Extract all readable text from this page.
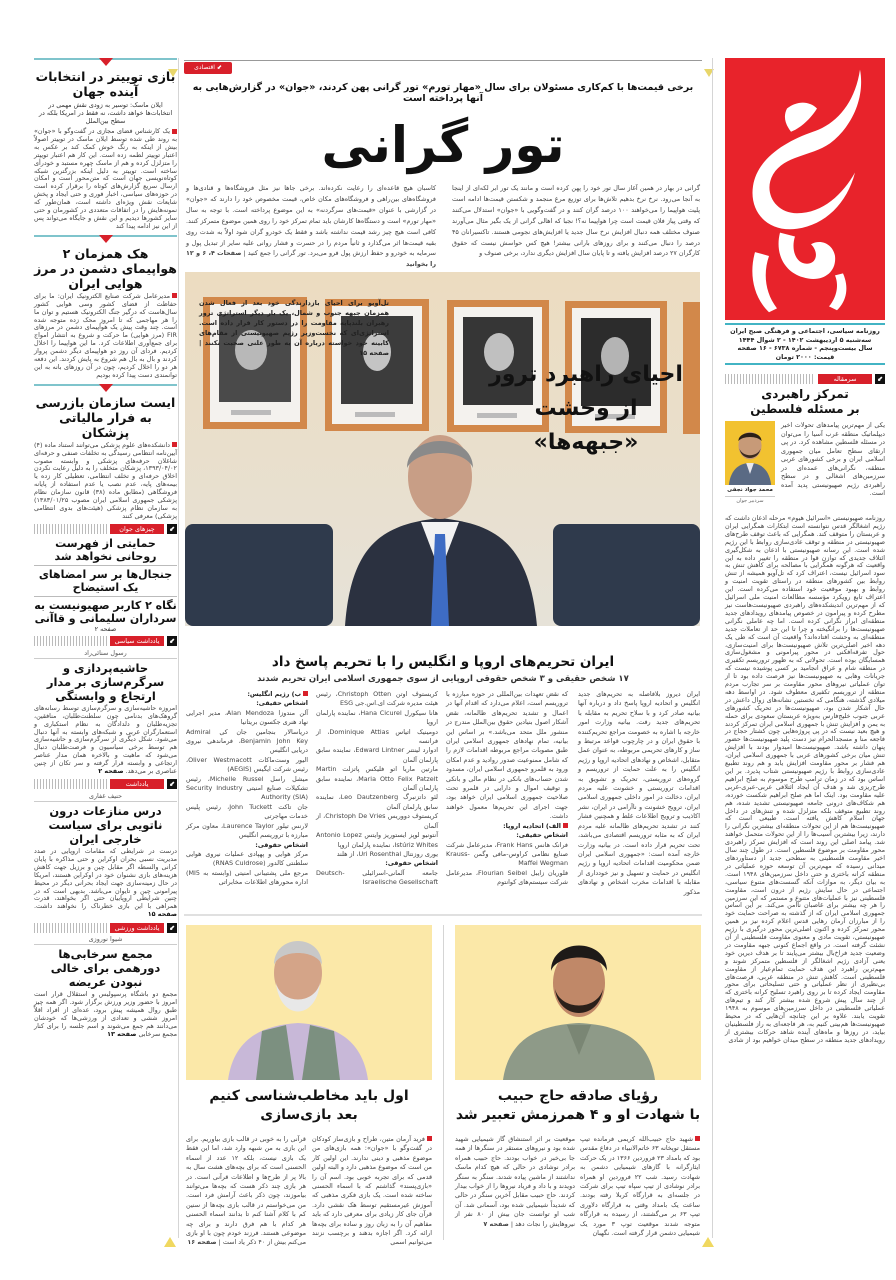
بازی توییتر در انتخابات آینده جهان

ایلان ماسک: توسیر به زودی نقش مهمی در انتخابات‌ها خواهد داشت، نه فقط در امریکا بلکه در سطح بین‌الملل

یک کارشناس فضای مجازی در گفت‌وگو با «جوان» به روند طی شده توسط ایلان ماسک در توییتر اصولاً بیش از اینکه به رنگ خوش کمک کند بر عکس به اعتبار توییتر لطمه زده است. این کار هم اعتبار توییتر را متزلزل کرده و هم از ماسک چهره مستبد و خودرأی ساخته است. توییتر به دلیل اینکه بزرگترین شبکه کوتاه‌نویسی جهان است که متن‌محور است و امکان ارسال سریع گزارش‌های کوتاه را برقرار کرده است در حوزه‌های سیاسی، اخبار فوری و حتی ایجاد و پخش شایعات نقش ویژه‌ای داشته است، همان‌طور که نمونه‌هایش را در اتفاقات متعددی در کشورمان و حتی سایر کشورها دیدیم و این نقش و جایگاه می‌تواند پس از این نیز ادامه پیدا کند

هک همزمان ۲ هواپیمای دشمن در مرز هوایی ایران

مدیرعامل شرکت صنایع الکترونیک ایران: ما برای حفاظت از فضای کشور وسی هوایی کشور سال‌هاست که درگیر جنگ الکترونیک هستیم و توان ما را هر مهاجمی که تا امروز محک زده متوجه شده است. چند وقت پیش یک هواپیمای دشمن در مرزهای FIR (مرز هوایی) ما حرکت و شروع به انتشار امواج برای جمع‌آوری اطلاعات کرد. ما این هواپیما را اخلال کردیم. فردای آن روز دو هواپیمای دیگر دشمن پرواز کردند و بال به بال هم شروع به پایش کردند. این دفعه هر دو را اخلال کردیم، چون در آن روزهای بانه به این توانمندی دست پیدا کرده بودیم

ایست سازمان بازرسی به فرار مالیاتی پزشکان

دانشکده‌های علوم پزشکی می‌توانند استناد ماده (۴) آیین‌نامه انتظامی رسیدگی به تخلفات صنفی و حرفه‌ای شاغلان حرفه‌های پزشکی و وابسته مصوب ۱۳۹۳/۰۴/۰۲، پزشکان متخلف را به دلیل رعایت نکردن اخلاق حرفه‌ای و تخلف انتظامی، تعطیلی کار زده یا بیمه‌های پایه، عدم نصب یا عدم استفاده از پایانه فروشگاهی (مطابق ماده (۳۸) قانون سازمان نظام پزشکی جمهوری اسلامی ایران مصوب ۱۳۸۳/۰۱/۲۵) به سازمان نظام پزشکی (هیئت‌های بدوی انتظامی پزشکی) معرفی کنند

⬋
چیزهای جوان
حمایتی از فهرست روحانی نخواهد شد
جنجال‌ها بر سر امضاهای یک استیضاح
نگاه ۲ کاربر صهیونیست به سرداران سلیمانی و قاآنی

صفحه ۲

⬋
یادداشت سیاسی

رسول سنائی‌راد

حاشیه‌پردازی و سرگرم‌سازی بر مدار ارتجاع و وابستگی

امروزه حاشیه‌سازی و سرگرم‌سازی توسط رسانه‌های گروهک‌های بدنامی چون سلطنت‌طلبان، منافقین، تجزیه‌طلبان و دلدادگان به نظام استکباری و استعمارگران غربی و شبکه‌های وابسته به آنها دنبال می‌شود. شکل دیگری از سرگرم‌سازی و حاشیه‌سازی هم توسط برخی سیاسیون و فرصت‌طلبان دنبال می‌شود که ماهیت و بالاخره همان مدار عناصر ارتجاعی و وابسته قرار گرفته و سر تکان از چنین عناصری بر می‌دهد. صفحه ۲

⬋
یادداشت بین‌الملل

حنیف غفاری

درس منازعات درون ناتویی برای سیاست خارجی ایران

درست در شرایطی که مقامات اروپایی در صدد مدیریت نسبی بحران اوکراین و حتی مذاکره با پایان کرانی والسطه اگر مقابل چین و برزیل جهت کاهش هزینه‌های بازی نشنوان خود در اوکراین هستند، امریکا در حال زمینه‌سازی جهت ایجاد بحرانی دیگر در محیط پیرامونی چین و تایوان می‌باشد. بدیهی است که در چنین شرایطی اروپاییان حتی اگر بخواهند، قدرت همراهی با این بازی خطرناک را نخواهند داشت. صفحه ۱۵

⬋
یادداشت ورزشی

شیوا نوروزی

مجمع سرخابی‌ها دورهمی برای خالی نبودن عریضه

مجمع دو باشگاه پرسپولیس و استقلال قرار است امروز با حضور وزیر ورزش برگزار شود. اگر همه چیز طبق روال همیشه پیش برود، عده‌ای از افراد اقلاً امروز ششی و تعدادی از ورزشی‌ها که خودشان می‌دانند هم جمع می‌شوند و اسم جلسه را برای کنار مجمع سرخابی صفحه ۱۳

روزنامه سیاسی، اجتماعی و فرهنگی صبح ایران
سه‌شنبه ۵ اردیبهشت ۱۴۰۲ - ۲ شوال ۱۴۴۴
سال بیست‌وپنجم - شماره ۶۷۳۸ - ۱۶ صفحه
قیمت: ۲۰۰۰ تومان
⬋
سرمقاله
تمرکز راهبردی
بر مسئله فلسطین
محمد جواد نجفی
سردبیر جوان

یکی از مهم‌ترین پیامدهای تحولات اخیر دیپلماتیک منطقه غرب آسیا را می‌توان در مسئله فلسطین مشاهده کرد. در پی ارتقای سطح تعامل میان جمهوری اسلامی ایران و برخی کشورهای عربی منطقه، نگرانی‌های عمده‌ای در سرزمین‌های اشغالی و در سطح راهبردی رژیم صهیونیستی پدید آمده است.

روزنامه صهیونیستی «اسرائیل هیوم» مرحله اذعان داشت که رژیم اشغالگر قدس نتوانسته است ابتکارات همگرایی ایران و عربستان را متوقف کند. همگرایی که باعث توقف طرح‌های صهیونیستی در منطقه و توقف عادی‌سازی روابط با این رژیم شده است. این رسانه صهیونیستی با اذعان به شکل‌گیری ائتلاف جدیدی که توازن قوا در منطقه را تغییر داده به این واقعیت که هرگونه همگرایی با مصالحه برای کاهش تنش به سود اسرائیل نیست، اعتراف کرد که تل‌آویو همیشه از تنش روابط بین کشورهای منطقه در راستای تقویت امنیت و روابط و بهبود موقعیت خود استفاده می‌کرده است. این اعتراف تابع رویکرد مؤسسه مطالعات امنیت ملی اسرائیل که از مهم‌ترین اندیشکده‌های راهبردی صهیونیست‌هاست نیز مطرح کرده و پیرامون در خصوص پیامدهای رویدادهای جدید منطقه‌ای ابراز نگرانی کرده است. اما چه عاملی نگرانی صهیونیست‌ها را برانگیخته و چرا تا این حد از تعاملات جدید منطقه‌ای به وحشت افتاده‌اند؟ واقعیت آن است که طی یک دهه اخیر اصلی‌ترین تلاش صهیونیست‌ها برای امنیت‌سازی، حول تفرقه‌افکنی در محور پیرامونی و مشغول‌سازی همسایگان بوده است. تحولاتی که به ظهور تروریسم تکفیری در منطقه شام و عراق انجامید بر کسی پوشیده نیست که جریانات وهابی به صهیونیست‌ها نیز فرصت داده بود تا از توان عملیاتی نیروهای محور مقاومت بر سر تجارب مردم منطقه از تروریسم تکفیری معطوف شود. در اواسط دهه میلادی گذشته، هنگامی که نخستین نشانه‌های زوال داعش در حال آشکار شدن بود، صهیونیست‌ها در تحریک کشورهای عربی جنوب خلیج‌فارس به‌ویژه عربستان سعودی برای حمله به یمن و افزایش تنش با جمهوری اسلامی ایران تمرکز کردند و هیچ بعید نیست که در پی پروژه‌هایی چون کشتار حجاج در فاجعه منا و مسجدالحرام نیز دست پلید صهیونیست‌ها حضور پنهان داشته باشد. صهیونیست‌ها امیدوار بودند با افزایش تنش میان برخی کشورهای عربی با جمهوری اسلامی ایران، هم فشار بر محور مقاومت افزایش یابد و هم روند تطبیع عادی‌سازی روابط با رژیم صهیونیستی شتاب پذیرد. بر این اساس بود که در زمان ترامپ طرح موسوم به صلح ابراهیم طرح‌ریزی شد و هدف آن ایجاد ائتلافی عربی-عبری-غربی علیه مقاومت بود. اینک اما هم صلح ابراهیم شکست خورده، هم شکاف‌های درونی جامعه صهیونیستی تشدید شده، هم روند تطبیع متوقف بلکه متزلزل شده و تنش‌های در داخل جهان اسلام کاهش یافته است. طبیعی است که صهیونیست‌ها هم از این تحولات منطقه‌ای بیشترین نگرانی را دارند، زیرا بیشترین آسیب‌ها را از این تحولات متحمل خواهند شد. پیامد اصلی این روند است که افزایش تمرکز راهبردی محور مقاومت بر موضوع فلسطین است. در طول چند سال اخیر مقاومت فلسطینی به سطحی جدید از دستاوردهای میدانی رسیده که مهم‌ترین آن توسعه حوزه عملیاتی در منطقه کرانه باختری و حتی داخل سرزمین‌های ۱۹۴۸ است. به بیان دیگر، به موازات آنکه گسست‌های متنوع سیاسی، اجتماعی در حال سایش رژیم از درون است، مقاومت فلسطینی نیز با عملیات‌های متنوع و مستمر که این سرزمین را هر چه بیشتر برای غاصبان ناامن می‌کند. بر این اساس جمهوری اسلامی ایران که از گذشته به صراحت حمایت خود را از مبارزان آرمان رهایی قدس اعلام کرده نیز بر همین محور تمرکز کرده و اکنون اصلی‌ترین محور درگیری با رژیم صهیونیستی، تقویت مادی و معنوی مقاومت فلسطینی از آن نشئت گرفته است. در واقع اجماع کنونی جبهه مقاومت در وضعیت جدید فراخ‌بال بیشتر می‌پایند تا بر هدف دیرین خود یعنی آزادی رژیم اشغالگر از فلسطین متمرکز شوند و مهم‌ترین راهبرد این هدف حمایت تمام‌عیار از مقاومت فلسطینی است. کاهش تنش در منطقه عربی، فرصت‌های بی‌نظیری از نظر عملیاتی و حتی تسلیحاتی برای محور مقاومت ایجاد کرده تا بر روی راهبرد تسلیح کرانه باختری که از چند سال پیش شروع شده بیشتر کار کند و تیم‌های عملیاتی فلسطینی در داخل سرزمین‌های موسوم به ۱۹۴۸ تقویت یابند. علاوه بر این چنانچه آن‌هایی که در محیط صهیونیست‌ها هم‌بینی کنیم به، هر فاجعه‌ای به راز فلسطینیان بیاید، در روزها و ماه‌های آینده شاهد حرکات بیشتری از رویدادهای جدید منطقه در سطح میدان خواهیم بود از شادی

⬋ اقتصادی
برخی قیمت‌ها با کم‌کاری مسئولان برای سال «مهار تورم» تور گرانی پهن کردند، «جوان» در گزارش‌هایی به آنها پرداخته است
تور گرانی

گرانی در بهار در همین آغاز سال تور خود را پهن کرده است و مانند یک تور ابر لکه‌ای از اینجا به آنجا می‌رود. نرخ نرخ بدهیم تلاش‌ها برای توزیع مرغ منجمد و شکستن قیمت‌ها ادامه است پلیت هواپیما را می‌خواهند ۱۰۰ درصد گران کنند و در گفت‌وگویی با «جوان» استدلال می‌کنند که وقتی پیاز فلان قیمت است چرا هواپیما نه؟! نجبا که اهالی گرانی از یک بگیر مثال می‌آورند صنوف مختلف همه دنبال افزایش نرخ سال جدید یا افزایش‌های نجومی هستند. تاکسیرانان ۴۵ درصد را دنبال می‌کنند و برای روزهای بارانی بیشتر! هیچ کس حواسش نیست که حقوق کارگران ۲۷ درصد افزایش یافته و تا پایان سال افزایش دیگری ندارد، برخی صنوف و

کاسبان هیچ قاعده‌ای را رعایت نکرده‌اند. برخی جاها نیز مثل فروشگاه‌ها و قنادی‌ها و فروشگاه‌های بین‌راهی و فروشگاه‌های مکان خاص، قیمت مخصوص خود را دارند که «جوان» در گزارشی با عنوان «قیمت‌های سرگردنه» به این موضوع پرداخته است. با توجه به سال «مهار تورم» است و دستگاه‌ها کارشان باید تمام تمرکز خود را روی همین موضوع متمرکز کنند. کافی است هیچ چیز رشد قیمت نداشته باشد و فقط یک خودرو گران شود اولاً به شدت روی بقیه قیمت‌ها اثر می‌گذارد و ثانیاً مردم را در حسرت و فشار روانی علیه سایر از تبدیل پول و سرمایه به خودرو و حفظ ارزش پول فرو می‌برد. تور گرانی را جمع کنید | صفحات ۴، ۶ و ۱۲ را بخوانید

احیای راهبرد ترور
از وحشت «جبهه‌ها»

تل‌آویو برای احیای بازدارندگی خود بعد از فعال شدن همزمان جبهه جنوب و شمال، یک بار دیگر استراتژی ترور رهبران بلندپایه مقاومت را در دستور کار قرار داده است. استراتژی‌ای که نخست‌وزیر رژیم صهیونیستی از مقام‌های کابینه خود خواسته درباره آن به طور علنی صحبت نکنند | صفحه ۱۵

ایران تحریم‌های اروپا و انگلیس را با تحریم پاسخ داد

۱۷ شخص حقیقی و ۳ شخص حقوقی اروپایی از سوی جمهوری اسلامی ایران تحریم شدند

ایران دیروز بلافاصله به تحریم‌های جدید انگلیس و اتحادیه اروپا پاسخ داد و درباره آنها بیانیه صادر کرد و با سلاح تحریم به مقابله با تحریم‌های جدید رفت. بیانیه وزارت امور خارجه با اشاره به خصومت مراجع تحریم‌کننده با حقوق ایران و در چارچوب قواعد مرتبط و ساز و کارهای تحریمی مربوطه، به عنوان عمل متقابل، اشخاص و نهادهای اتحادیه اروپا و رژیم انگلیس را به علت حمایت از تروریسم و گروه‌های تروریستی، تحریک و تشویق به اقدامات تروریستی و خشونت علیه مردم ایران، دخالت در امور داخلی جمهوری اسلامی ایران، ترویج خشونت و ناآرامی در ایران، نشر اکاذیب و ترویج اطلاعات غلط و همچنین فشار کنند در تشدید تحریم‌های ظالمانه علیه مردم ایران که به مثابه تروریسم اقتصادی می‌باشد، تحت تحریم قرار داده است. در بیانیه وزارت خارجه آمده است: «جمهوری اسلامی ایران ضمن محکومیت اقدامات اتحادیه اروپا و رژیم انگلیس در حمایت و تسهیل و نیز خودداری از مقابله با اقدامات مخرب اشخاص و نهادهای مذکور
که نقض تعهدات بین‌المللی در حوزه مبارزه با تروریسم است، اعلام می‌دارد که اقدام آنها در اعمال و تشدید تحریم‌های ظالمانه، نقض آشکار اصول بنیادین حقوق بین‌الملل مندرج در منشور ملل متحد می‌باشد.» بر اساس این بیانیه، تمام نهادهای جمهوری اسلامی ایران طبق مصوبات مراجع مربوطه اقدامات لازم را که شامل ممنوعیت صدور روادید و عدم امکان ورود به قلمرو جمهوری اسلامی ایران، مسدود شدن حساب‌های بانکی در نظام مالی و بانکی و توقیف اموال و دارایی در قلمرو تحت صلاحیت جمهوری اسلامی ایران خواهد بود، جهت اجرای این تحریم‌ها معمول خواهند داشت.
الف) اتحادیه اروپا:
اشخاص حقیقی:
فرانک هانس Frank Hans، مدیرعامل شرکت صنایع نظامی کراوس-مافی وگمن Krauss-Maffei Wegman
فلوریان زایبل Flourian Seibel، مدیرعامل شرکت سیستم‌های کوانتوم
کریستوف اوتن Christoph Otten، رئیس هیئت مدیره شرکت ای.اس.جی ESG
هانا سیکورل Hana Cicurel، نماینده پارلمان اروپا
دومینیک اتیاس Dominique Attias، از فرانسه
ادوارد لینتنر Edward Lintner، نماینده سابق پارلمان آلمان
مارتین ماریا اتو فلیکس پاتزلت Martin Maria Otto Felix Patzelt، نماینده سابق پارلمان آلمان
لئو داتزنبرگ Leo Dautzenberg، نماینده سابق پارلمان آلمان
کریستوف دووریس Christoph De Vries، از آلمان
آنتونیو لوپز ایستوریز وایتس Antonio Lopez Istúriz Whites، نماینده پارلمان اروپا
یوری روزنتال Uri Rosenthal، از هلند
اشخاص حقوقی:
جامعه آلمانی-اسرائیلی Deutsch-Israelische Gesellschaft
ب) رژیم انگلیس:
اشخاص حقیقی:
آلن مندوزا Alan Mendoza، مدیر اجرایی نهاد هنری جکسون بریتانیا
دریاسالار بنجامین جان کی Admiral Benjamin John Key، فرماندهی نیروی دریایی انگلیس
الیور وست‌ماکات Oliver Westmacott، رئیس شرکت ایگیس (AEGIS)
میشل راسل Michelle Russel، رئیس تشکیلات صنایع امنیتی Security Industry Authority (SIA)
جان تاکت John Tuckett، رئیس پلیس خدمات مهاجرتی
لارنس تیلور Laurence Taylor، معاون مرکز مبارزه با تروریسم انگلیس
اشخاص حقوقی:
مرکز هوایی و پهپادی عملیات نیروی هوایی سلطنتی کالدور (RNAS Culdrose)
مرجع ملی پشتیبانی امنیتی (وابسته به MI5) اداره محورهای اطلاعات مخابراتی
رؤیای صادقه حاج حبیب
با شهادت او و ۴ همرزمش تعبیر شد

شهید حاج حبیب‌الله کریمی فرمانده تیپ مستقل توپخانه ۶۳ خاتم‌الانبیاء در دفاع مقدس بود که بامداد ۲۳ فروردین ۱۳۶۶ در یک حرکت ایثارگرانه با گازهای شیمیایی دشمن به شهادت رسید. شب ۲۲ فروردین او همراه برادر نوشادی از تیپ سپاه تیپ برای شرکت در جلسه‌ای به قرارگاه کربلا رفته بودند. ساعت یک بامداد وقتی به قرارگاه دلاوری تیپ ۶۳ بر می‌گشتند، از رسیده به قرارگاه متوجه شدند موقعیت توپ ۳ مورد یک شیمیایی دشمن قرار گرفته است. نگهبان

موقعیت بر اثر استنشاق گاز شیمیایی شهید شده بود و نیروهای مستقر در سنگرها از همه جا بی‌خبر در خواب بودند. حاج حبیب همراه برادر نوشادی در حالی که هیچ کدام ماسک نداشتند از ماشین پیاده شدند. سنگر به سنگر دویدند و با داد و فریاد نیروها را از خواب بیدار کردند. حاج حبیب مقابل آخرین سنگر در حالی که شدیداً شیمیایی شده بود، آسمانی شد. آن شب او توانست جان بیش از ۸۰ نفر از نیروهایش را نجات دهد | صفحه ۷

اول باید مخاطب‌شناسی کنیم
بعد بازی‌سازی

فرید آرمان متین، طراح و بازی‌ساز کودکان در گفت‌وگو با «جوان»: همه بازی‌های من موضوع مذهبی و دینی ندارند. این اولین کار من است که موضوع مذهبی دارد و البته اولین قدمی که برای تجربه خوبی بود. اسم آن را «بازی‌پسند» گذاشتم که با اسماء الحسنی ساخته شده است. یک بازی فکری مذهبی که آموزش غیرمستقیم توسط هک نقشی دارد. قرآن جای کار زیادی برای معرفی دارد که باید مفاهیم آن را به زبان روز و ساده برای بچه‌ها ارائه کرد. اگر اجازه بدهند و برچسب نزنند می‌توانیم اسمی

قرآنی را به خوبی در قالب بازی بیاوریم. برای این بازی به من شبهه وارد شد، اما این فقط یک بازی نیست، بلکه ۱۲ عدد از اسماء الحسنی است که برای بچه‌های هشت سال به بالا پر از طرح‌ها و اطلاعات قرآنی است. در هر بازی چند ذکر هست که بچه‌ها می‌توانند بیاموزند، چون ذکر باعث آرامش فرد است. من می‌خواستم در قالب بازی بچه‌ها از سنین کم با کلام آشنا کنم تا بدانند اسماء الحسنی هر کدام با هم فرق دارند و برای چه موضوعی هستند. فرزند خودم چون با او بازی می‌کنم بیش از ۴۰ ذکر یاد است | صفحه ۱۶
